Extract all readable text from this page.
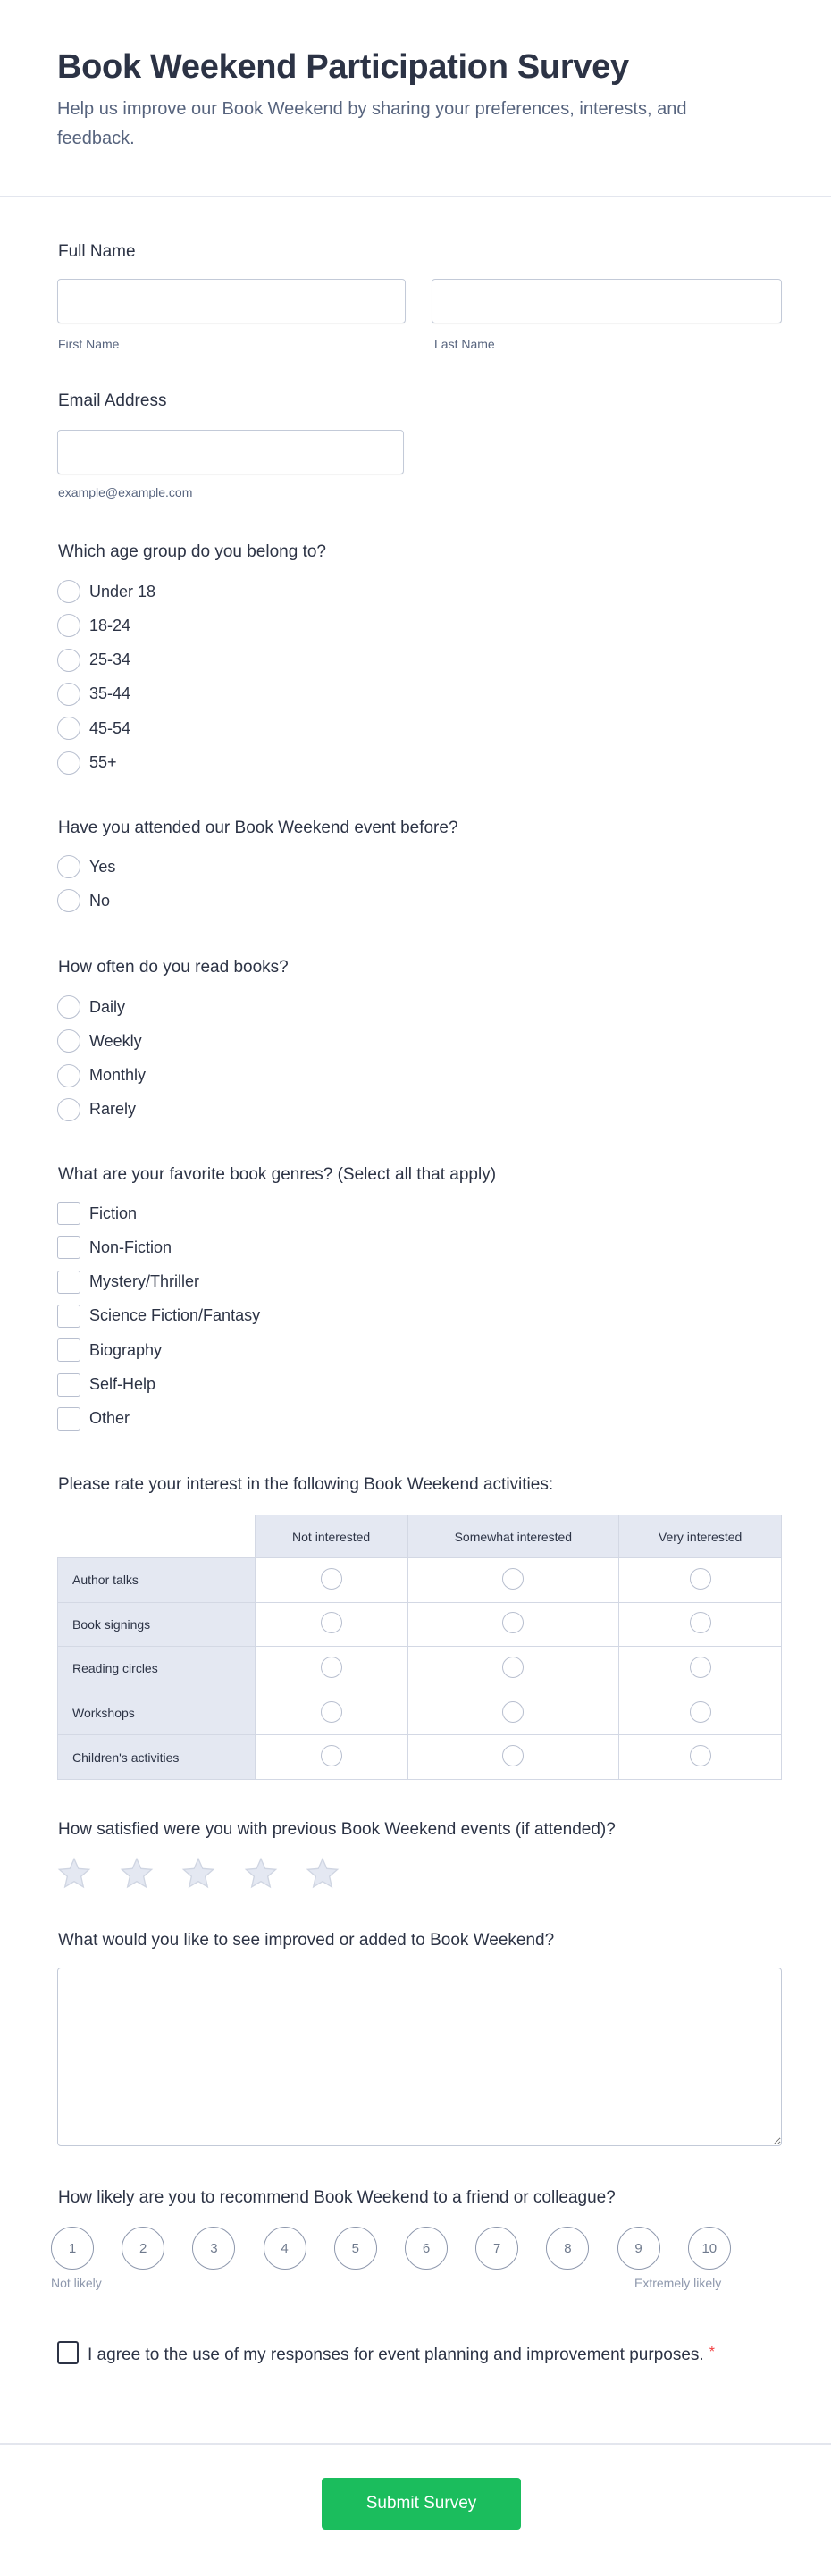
Book Weekend Participation Survey

Help us improve our Book Weekend by sharing your preferences, interests, and feedback.

Full Name
First Name	Last Name
Email Address
example@example.com
Which age group do you belong to?
Under 18
18-24
25-34
35-44
45-54
55+
Have you attended our Book Weekend event before?
Yes
No
How often do you read books?
Daily
Weekly
Monthly
Rarely
What are your favorite book genres? (Select all that apply)
Fiction
Non-Fiction
Mystery/Thriller
Science Fiction/Fantasy
Biography
Self-Help
Other
Please rate your interest in the following Book Weekend activities:
	Not interested	Somewhat interested	Very interested
Author talks			
Book signings			
Reading circles			
Workshops			
Children's activities			
How satisfied were you with previous Book Weekend events (if attended)?
What would you like to see improved or added to Book Weekend?
How likely are you to recommend Book Weekend to a friend or colleague?
1	2	3	4	5	6	7	8	9	10
Not likely	Extremely likely
I agree to the use of my responses for event planning and improvement purposes. *
Submit Survey
